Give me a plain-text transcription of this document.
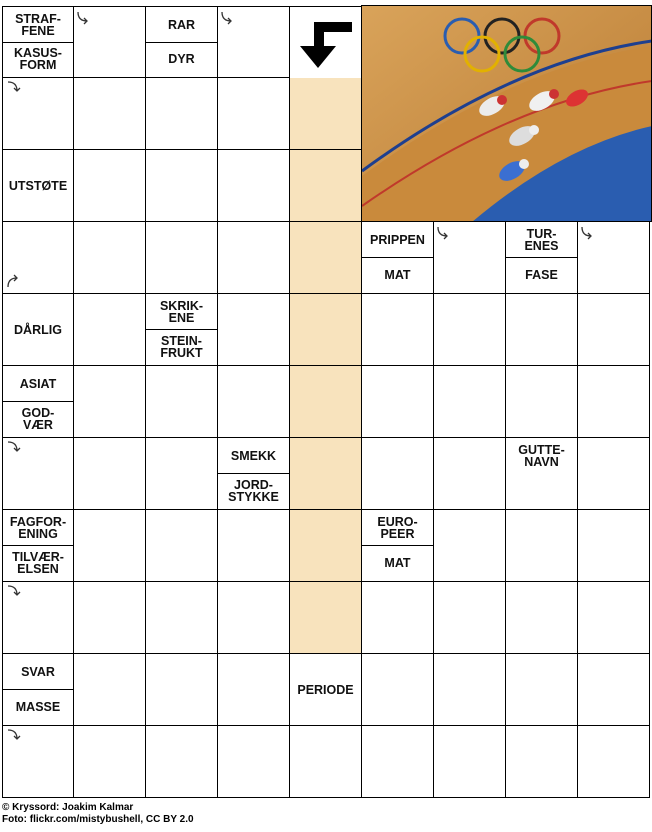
STRAF-
FENE
KASUS-
FORM
RAR
DYR
UTSTØTE
PRIPPEN
MAT
TUR-
ENES
FASE
DÅRLIG
SKRIK-
ENE
STEIN-
FRUKT
ASIAT
GOD-
VÆR
SMEKK
JORD-
STYKKE
GUTTE-
NAVN
FAGFOR-
ENING
TILVÆR-
ELSEN
EURO-
PEER
MAT
SVAR
MASSE
PERIODE
© Kryssord: Joakim Kalmar
Foto: flickr.com/mistybushell, CC BY 2.0
